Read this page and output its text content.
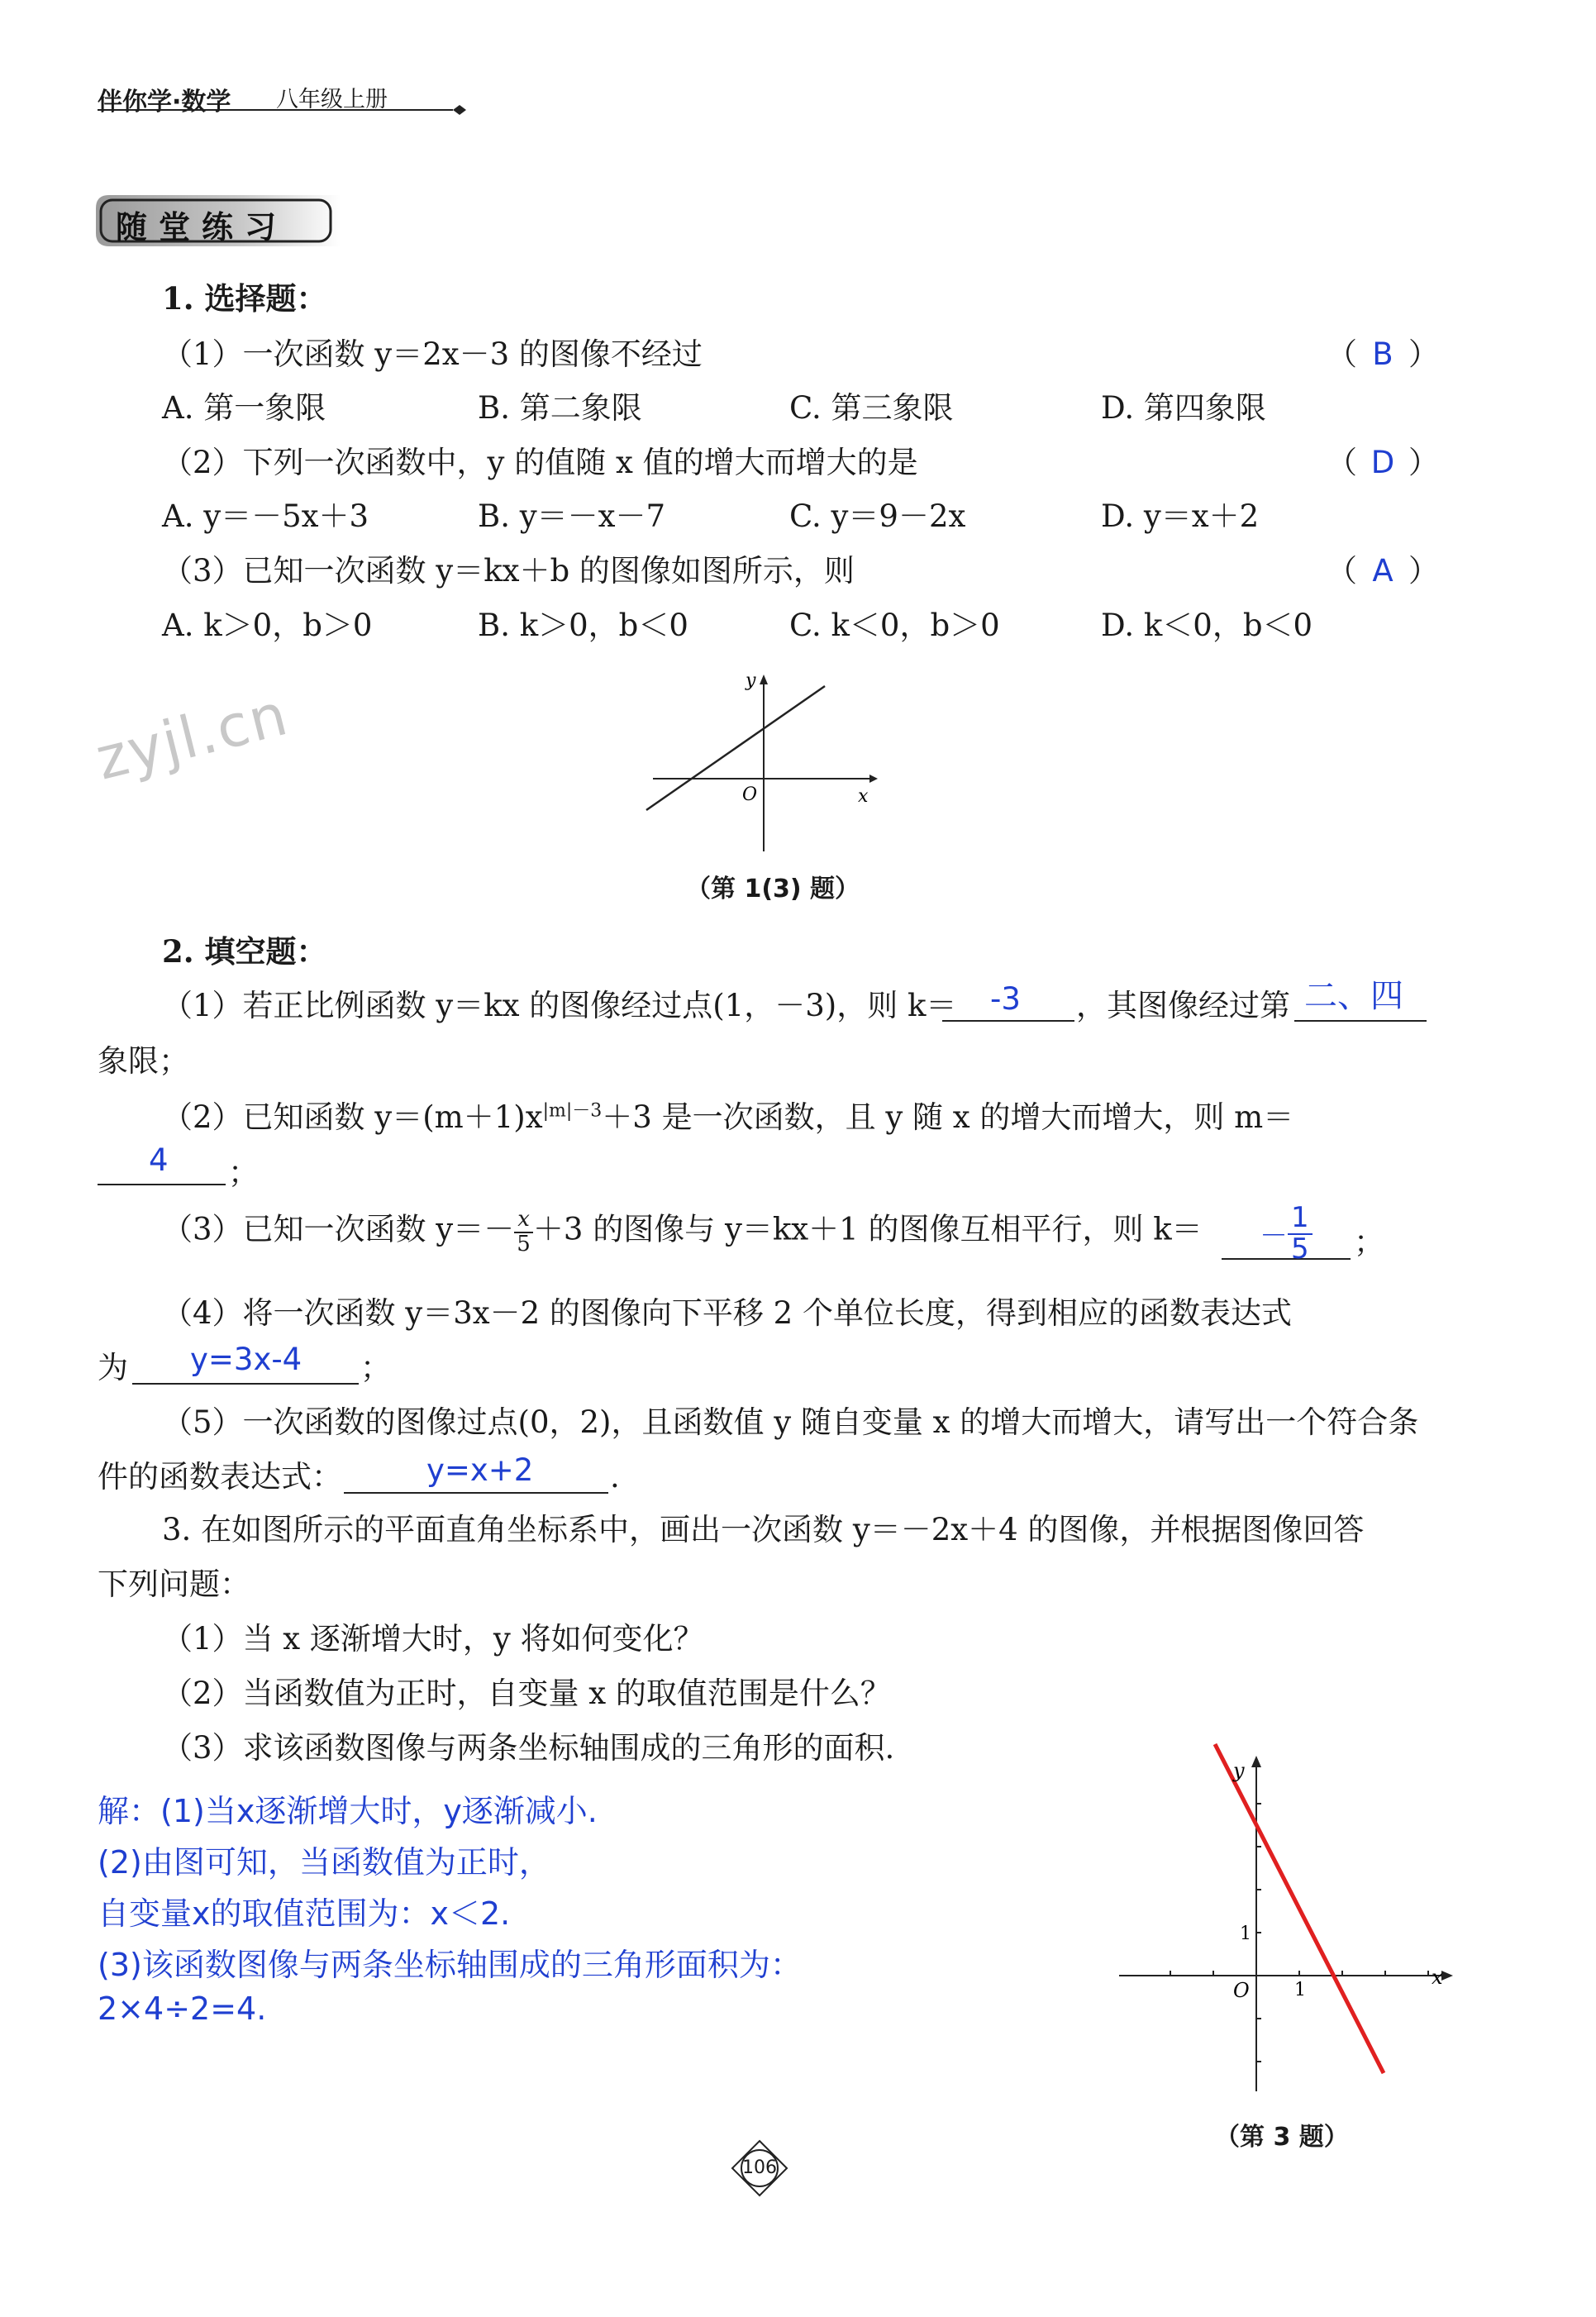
伴你学·数学 八年级上册
随堂练习
zyjl.cn
1. 选择题：
（1）一次函数 y＝2x－3 的图像不经过	（ B ）
A. 第一象限	B. 第二象限	C. 第三象限	D. 第四象限
（2）下列一次函数中，y 的值随 x 值的增大而增大的是	（ D ）
A. y＝－5x＋3	B. y＝－x－7	C. y＝9－2x	D. y＝x＋2
（3）已知一次函数 y＝kx＋b 的图像如图所示，则	（ A ）
A. k＞0，b＞0	B. k＞0，b＜0	C. k＜0，b＞0	D. k＜0，b＜0
y
x
O
（第 1(3) 题）
2. 填空题：
（1）若正比例函数 y＝kx 的图像经过点(1，－3)，则 k＝ -3 ，其图像经过第 二、四
象限；
（2）已知函数 $y=(m+1)x^{|m|-3}+3$ 是一次函数，且 y 随 x 的增大而增大，则 m＝
4 ；
（3）已知一次函数 $y=- \frac{x}{5} +3$ 的图像与 y＝kx＋1 的图像互相平行，则 $k= - \frac{1}{5}$ ；
（4）将一次函数 y＝3x－2 的图像向下平移 2 个单位长度，得到相应的函数表达式
为 y=3x-4 ；
（5）一次函数的图像过点(0，2)，且函数值 y 随自变量 x 的增大而增大，请写出一个符合条
件的函数表达式：	y=x+2	.
3. 在如图所示的平面直角坐标系中，画出一次函数 y＝－2x＋4 的图像，并根据图像回答
下列问题：
（1）当 x 逐渐增大时，y 将如何变化？
（2）当函数值为正时，自变量 x 的取值范围是什么？
（3）求该函数图像与两条坐标轴围成的三角形的面积.
解：(1)当x逐渐增大时，y逐渐减小.
(2)由图可知，当函数值为正时，
自变量x的取值范围为：x＜2.
(3)该函数图像与两条坐标轴围成的三角形面积为：
2×4÷2=4.
y
x
O
1
1
（第 3 题）
106
